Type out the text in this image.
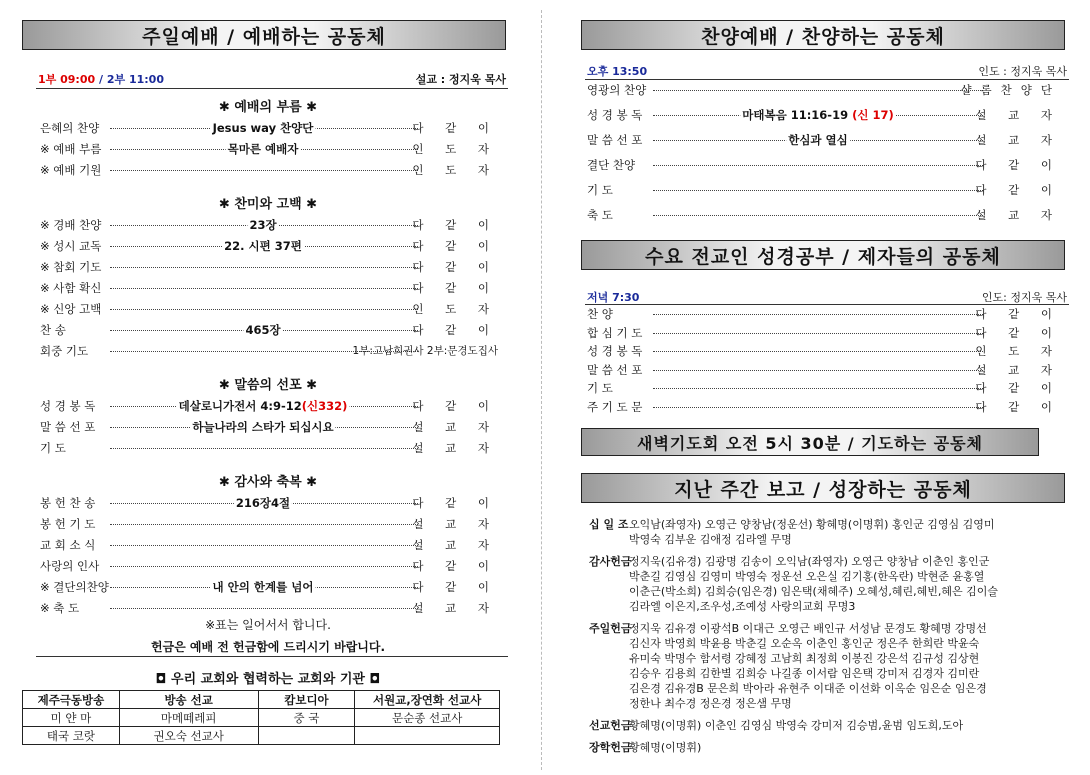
주일예배 / 예배하는 공동체
1부 09:00 / 2부 11:00	설교 : 정지욱 목사
✱ 예배의 부름 ✱
은혜의 찬양	Jesus way 찬양단	다 같 이
※ 예배 부름	목마른 예배자	인 도 자
※ 예배 기원	인 도 자
✱ 찬미와 고백 ✱
※ 경배 찬양	23장	다 같 이
※ 성시 교독	22. 시편 37편	다 같 이
※ 참회 기도	다 같 이
※ 사함 확신	다 같 이
※ 신앙 고백	인 도 자
찬 송	465장	다 같 이
회중 기도	1부:고남희권사 2부:문경도집사
✱ 말씀의 선포 ✱
성 경 봉 독	데살로니가전서 4:9-12(신332)	다 같 이
말 씀 선 포	하늘나라의 스타가 되십시요	설 교 자
기 도	설 교 자
✱ 감사와 축복 ✱
봉 헌 찬 송	216장4절	다 같 이
봉 헌 기 도	설 교 자
교 회 소 식	설 교 자
사랑의 인사	다 같 이
※ 결단의찬양	내 안의 한계를 넘어	다 같 이
※ 축 도	설 교 자
※표는 일어서서 합니다.
헌금은 예배 전 헌금함에 드리시기 바랍니다.
◘ 우리 교회와 협력하는 교회와 기관 ◘
제주극동방송	방송 선교	캄보디아	서원교,장연화 선교사
미 얀 마	마메떼레피	중 국	문순종 선교사
태국 코랏	권오숙 선교사		
찬양예배 / 찬양하는 공동체
오후 13:50	인도 : 정지욱 목사
영광의 찬양	샬롬찬양단
성 경 봉 독	마태복음 11:16-19 (신 17)	설 교 자
말 씀 선 포	한심과 열심	설 교 자
결단 찬양	다 같 이
기 도	다 같 이
축 도	설 교 자
수요 전교인 성경공부 / 제자들의 공동체
저녁 7:30	인도: 정지욱 목사
찬 양	다 같 이
합 심 기 도	다 같 이
성 경 봉 독	인 도 자
말 씀 선 포	설 교 자
기 도	다 같 이
주 기 도 문	다 같 이
새벽기도회 오전 5시 30분 / 기도하는 공동체
지난 주간 보고 / 성장하는 공동체
십 일 조 오익남(좌영자) 오영근 양창남(정운선) 황혜명(이명휘) 홍인군 김영심 김영미
박영숙 김부운 김애정 김라엘 무명
감사헌금
정지욱(김유경) 김광명 김송이 오익남(좌영자) 오영근 양창남 이춘인 홍인군
박춘길 김영심 김영미 박영숙 정운선 오은실 김기홍(한옥란) 박현준 윤홍열
이춘근(박소희) 김희승(임은경) 임은택(채혜주) 오혜성,혜린,혜빈,혜은 김이슬
김라엘 이은지,조우성,조예성 사랑의교회 무명3
주일헌금
정지욱 김유경 이광석B 이대근 오영근 배인규 서성남 문경도 황혜명 강명선
김신자 박영희 박윤용 박춘길 오순옥 이춘인 홍인군 정은주 한희란 박윤숙
유미숙 박명수 함서령 강혜정 고남희 최정희 이봉진 강은석 김규성 김상현
김승우 김용희 김한별 김희승 나길종 이서람 임은택 강미저 김경자 김미란
김은경 김유경B 문은희 박아라 유현주 이대준 이선화 이옥순 임은순 임은경
정한나 최수경 정은경 정은샘 무명
선교헌금
황혜명(이명휘) 이춘인 김영심 박영숙 강미저 김승범,윤범 임도희,도아
장학헌금
황혜명(이명휘)
